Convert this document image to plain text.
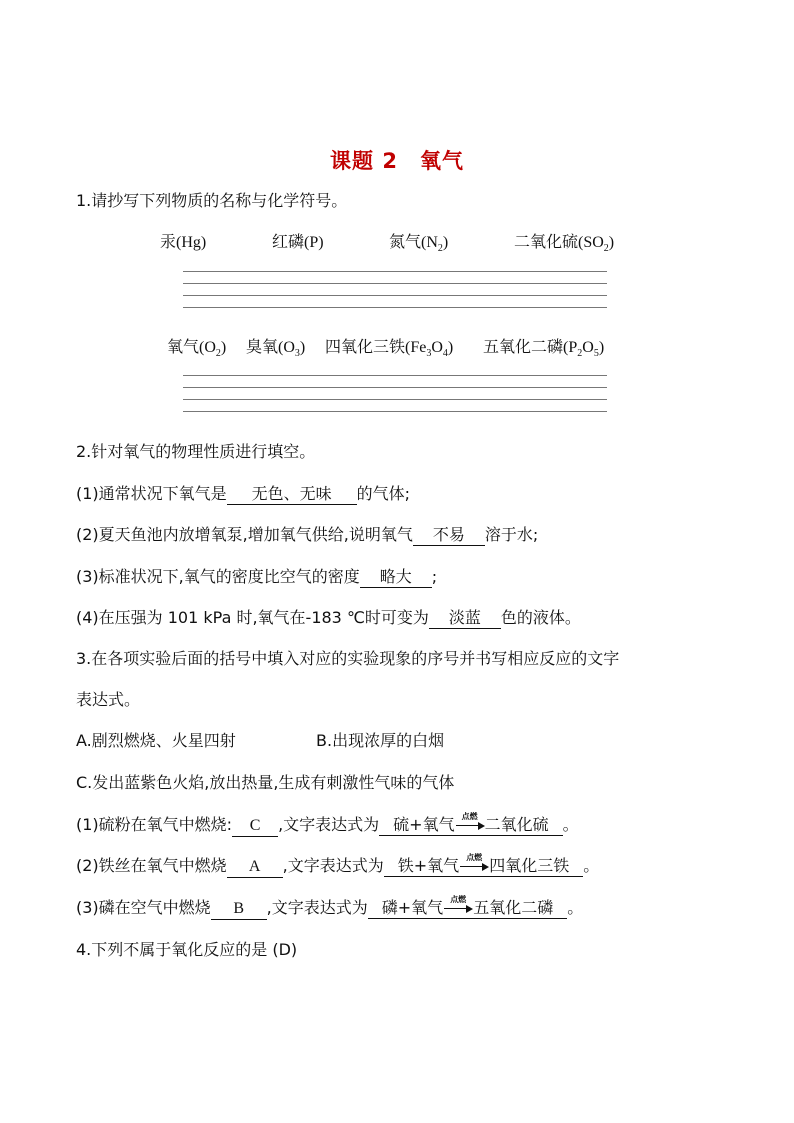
课题 2 氧气
1.请抄写下列物质的名称与化学符号。
汞(Hg)	红磷(P)	氮气$(N_2)$	二氧化硫$(SO_2)$
氧气$(O_2)$ 臭氧$(O_3)$ 四氧化三铁$(Fe_3O_4)$ 五氧化二磷$(P_2O_5)$
2.针对氧气的物理性质进行填空。
(1)通常状况下氧气是 无色、无味 的气体;
(2)夏天鱼池内放增氧泵,增加氧气供给,说明氧气 不易 溶于水;
(3)标准状况下,氧气的密度比空气的密度 略大 ;
(4)在压强为 101 kPa 时,氧气在-183 ℃时可变为 淡蓝 色的液体。
3.在各项实验后面的括号中填入对应的实验现象的序号并书写相应反应的文字
表达式。
A.剧烈燃烧、火星四射	B.出现浓厚的白烟
C.发出蓝紫色火焰,放出热量,生成有刺激性气味的气体
(1)硫粉在氧气中燃烧: C ,文字表达式为 硫+氧气 点燃 二氧化硫 。
(2)铁丝在氧气中燃烧 A ,文字表达式为 铁+氧气 点燃 四氧化三铁 。
(3)磷在空气中燃烧 B ,文字表达式为 磷+氧气 点燃 五氧化二磷 。
4.下列不属于氧化反应的是 (D)
